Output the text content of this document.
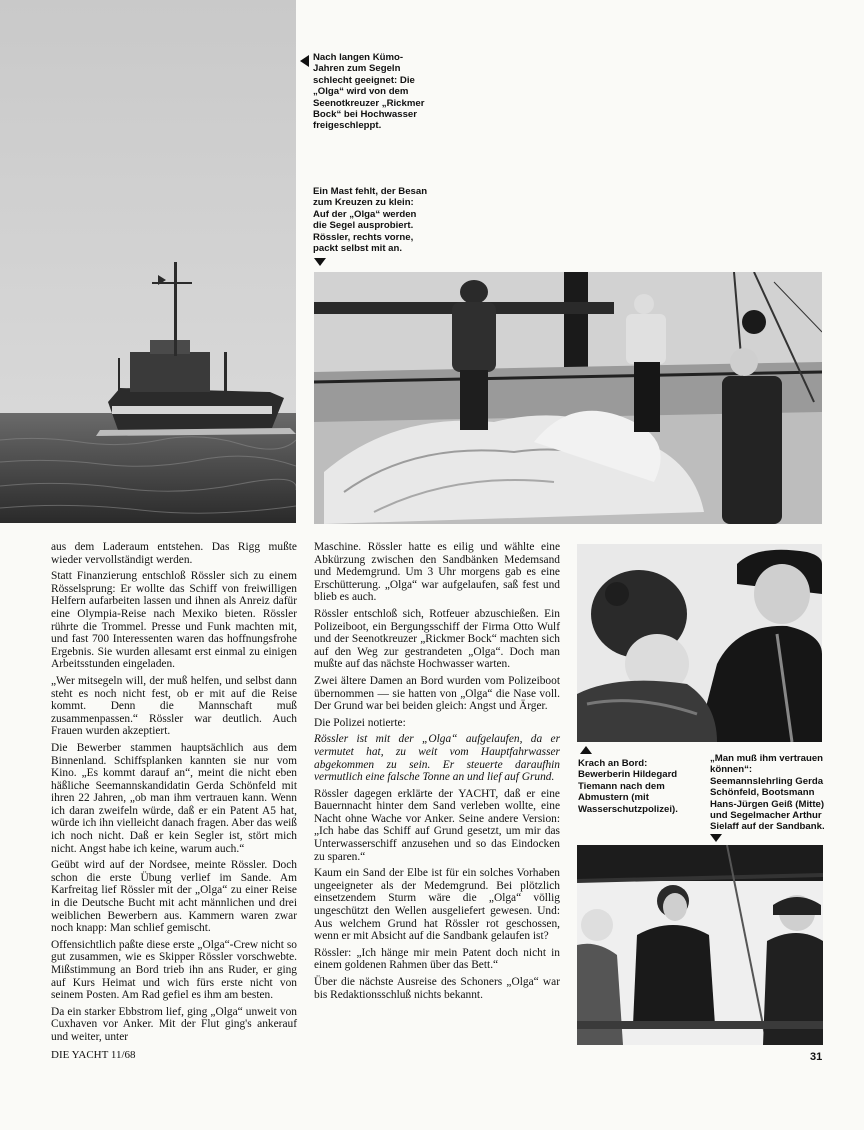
Nach langen Kümo-Jahren zum Segeln schlecht geeignet: Die „Olga“ wird von dem Seenotkreuzer „Rickmer Bock“ bei Hochwasser freigeschleppt.
Ein Mast fehlt, der Besan zum Kreuzen zu klein: Auf der „Olga“ werden die Segel ausprobiert. Rössler, rechts vorne, packt selbst mit an.
Krach an Bord: Bewerberin Hildegard Tiemann nach dem Abmustern (mit Wasserschutzpolizei).
„Man muß ihm vertrauen können“: Seemannslehrling Gerda Schönfeld, Bootsmann Hans-Jürgen Geiß (Mitte) und Segelmacher Arthur Sielaff auf der Sandbank.

aus dem Laderaum entstehen. Das Rigg mußte wieder vervollständigt werden.

Statt Finanzierung entschloß Rössler sich zu einem Rösselsprung: Er wollte das Schiff von freiwilligen Helfern aufarbeiten lassen und ihnen als Anreiz dafür eine Olympia-Reise nach Mexiko bieten. Rössler rührte die Trommel. Presse und Funk machten mit, und fast 700 Interessenten waren das hoffnungsfrohe Ergebnis. Sie wurden allesamt erst einmal zu einigen Arbeitsstunden eingeladen.

„Wer mitsegeln will, der muß helfen, und selbst dann steht es noch nicht fest, ob er mit auf die Reise kommt. Denn die Mannschaft muß zusammenpassen.“ Rössler war deutlich. Auch Frauen wurden akzeptiert.

Die Bewerber stammen hauptsächlich aus dem Binnenland. Schiffsplanken kannten sie nur vom Kino. „Es kommt darauf an“, meint die nicht eben häßliche Seemannskandidatin Gerda Schönfeld mit ihren 22 Jahren, „ob man ihm vertrauen kann. Wenn ich daran zweifeln würde, daß er ein Patent A5 hat, würde ich ihn vielleicht danach fragen. Aber das weiß ich noch nicht. Daß er kein Segler ist, stört mich nicht. Angst habe ich keine, warum auch.“

Geübt wird auf der Nordsee, meinte Rössler. Doch schon die erste Übung verlief im Sande. Am Karfreitag lief Rössler mit der „Olga“ zu einer Reise in die Deutsche Bucht mit acht männlichen und drei weiblichen Bewerbern aus. Kammern waren zwar noch knapp: Man schlief gemischt.

Offensichtlich paßte diese erste „Olga“-Crew nicht so gut zusammen, wie es Skipper Rössler vorschwebte. Mißstimmung an Bord trieb ihn ans Ruder, er ging auf Kurs Heimat und wich fürs erste nicht von seinem Posten. Am Rad gefiel es ihm am besten.

Da ein starker Ebbstrom lief, ging „Olga“ unweit von Cuxhaven vor Anker. Mit der Flut ging's ankerauf und weiter, unter

Maschine. Rössler hatte es eilig und wählte eine Abkürzung zwischen den Sandbänken Medemsand und Medemgrund. Um 3 Uhr morgens gab es eine Erschütterung. „Olga“ war aufgelaufen, saß fest und blieb es auch.

Rössler entschloß sich, Rotfeuer abzuschießen. Ein Polizeiboot, ein Bergungsschiff der Firma Otto Wulf und der Seenotkreuzer „Rickmer Bock“ machten sich auf den Weg zur gestrandeten „Olga“. Doch man mußte auf das nächste Hochwasser warten.

Zwei ältere Damen an Bord wurden vom Polizeiboot übernommen — sie hatten von „Olga“ die Nase voll. Der Grund war bei beiden gleich: Angst und Ärger.

Die Polizei notierte:

Rössler ist mit der „Olga“ aufgelaufen, da er vermutet hat, zu weit vom Hauptfahrwasser abgekommen zu sein. Er steuerte daraufhin vermutlich eine falsche Tonne an und lief auf Grund.

Rössler dagegen erklärte der YACHT, daß er eine Bauernnacht hinter dem Sand verleben wollte, eine Nacht ohne Wache vor Anker. Seine andere Version: „Ich habe das Schiff auf Grund gesetzt, um mir das Unterwasserschiff anzusehen und so das Eindocken zu sparen.“

Kaum ein Sand der Elbe ist für ein solches Vorhaben ungeeigneter als der Medemgrund. Bei plötzlich einsetzendem Sturm wäre die „Olga“ völlig ungeschützt den Wellen ausgeliefert gewesen. Und: Aus welchem Grund hat Rössler rot geschossen, wenn er mit Absicht auf die Sandbank gelaufen ist?

Rössler: „Ich hänge mir mein Patent doch nicht in einem goldenen Rahmen über das Bett.“

Über die nächste Ausreise des Schoners „Olga“ war bis Redaktionsschluß nichts bekannt.

DIE YACHT 11/68	31
